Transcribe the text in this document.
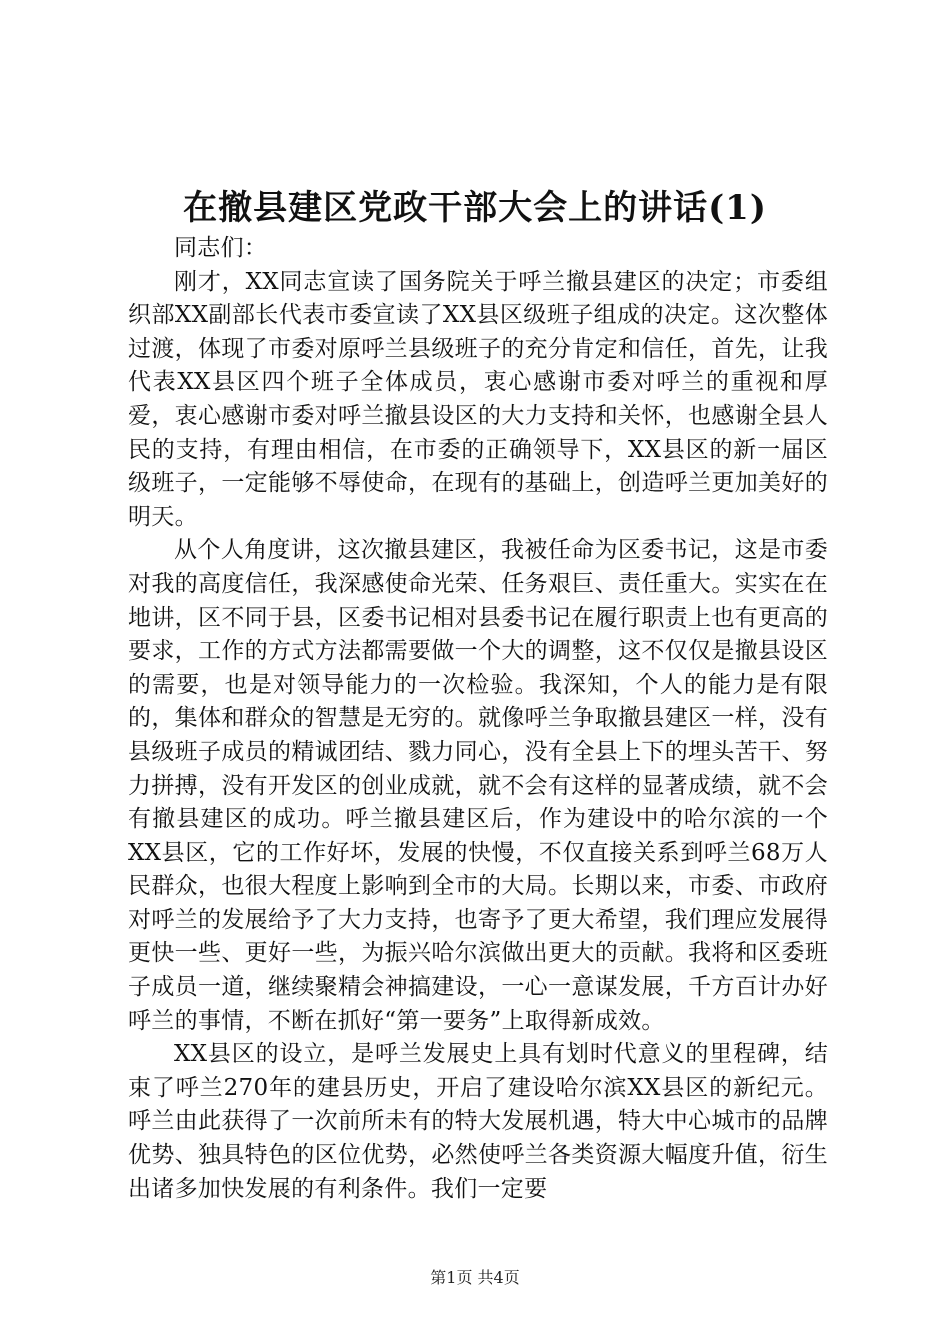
在撤县建区党政干部大会上的讲话(1)

同志们：

刚才，XX同志宣读了国务院关于呼兰撤县建区的决定；市委组织部XX副部长代表市委宣读了XX县区级班子组成的决定。这次整体过渡，体现了市委对原呼兰县级班子的充分肯定和信任，首先，让我代表XX县区四个班子全体成员，衷心感谢市委对呼兰的重视和厚爱，衷心感谢市委对呼兰撤县设区的大力支持和关怀，也感谢全县人民的支持，有理由相信，在市委的正确领导下，XX县区的新一届区级班子，一定能够不辱使命，在现有的基础上，创造呼兰更加美好的明天。

从个人角度讲，这次撤县建区，我被任命为区委书记，这是市委对我的高度信任，我深感使命光荣、任务艰巨、责任重大。实实在在地讲，区不同于县，区委书记相对县委书记在履行职责上也有更高的要求，工作的方式方法都需要做一个大的调整，这不仅仅是撤县设区的需要，也是对领导能力的一次检验。我深知，个人的能力是有限的，集体和群众的智慧是无穷的。就像呼兰争取撤县建区一样，没有县级班子成员的精诚团结、戮力同心，没有全县上下的埋头苦干、努力拼搏，没有开发区的创业成就，就不会有这样的显著成绩，就不会有撤县建区的成功。呼兰撤县建区后，作为建设中的哈尔滨的一个XX县区，它的工作好坏，发展的快慢，不仅直接关系到呼兰68万人民群众，也很大程度上影响到全市的大局。长期以来，市委、市政府对呼兰的发展给予了大力支持，也寄予了更大希望，我们理应发展得更快一些、更好一些，为振兴哈尔滨做出更大的贡献。我将和区委班子成员一道，继续聚精会神搞建设，一心一意谋发展，千方百计办好呼兰的事情，不断在抓好“第一要务”上取得新成效。

XX县区的设立，是呼兰发展史上具有划时代意义的里程碑，结束了呼兰270年的建县历史，开启了建设哈尔滨XX县区的新纪元。呼兰由此获得了一次前所未有的特大发展机遇，特大中心城市的品牌优势、独具特色的区位优势，必然使呼兰各类资源大幅度升值，衍生出诸多加快发展的有利条件。我们一定要

第1页 共4页
